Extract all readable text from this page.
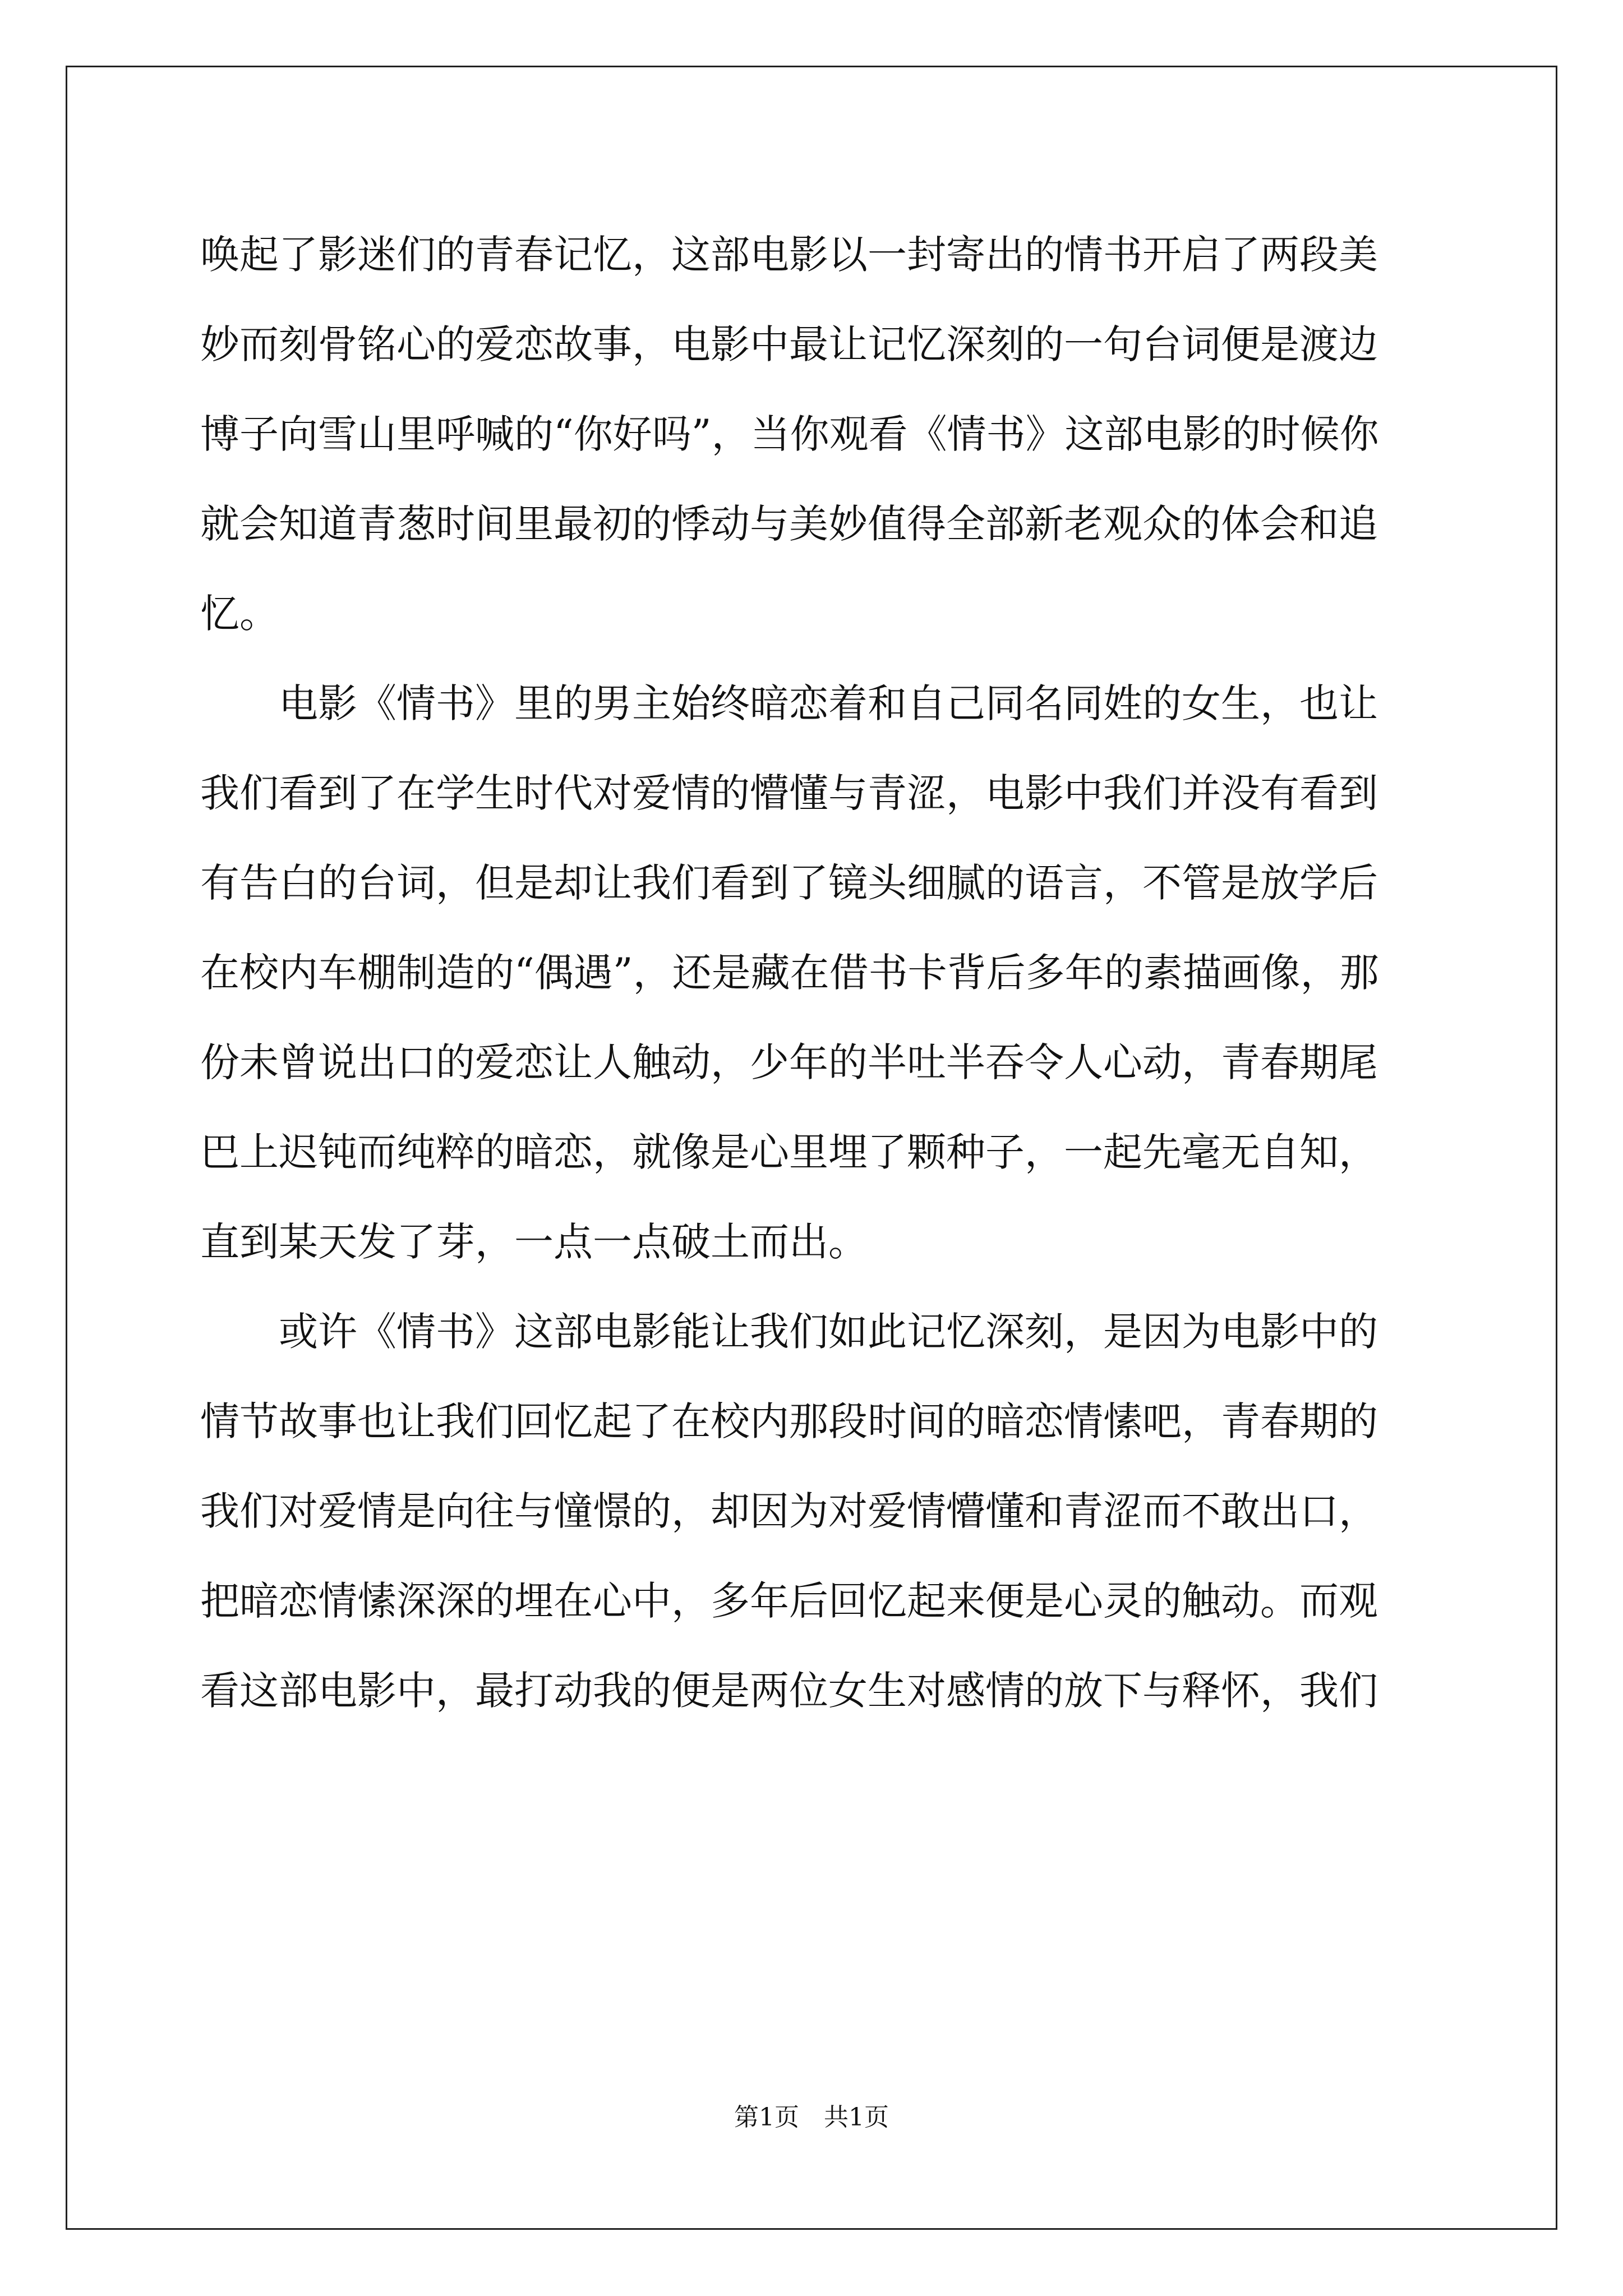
唤起了影迷们的青春记忆，这部电影以一封寄出的情书开启了两段美
妙而刻骨铭心的爱恋故事，电影中最让记忆深刻的一句台词便是渡边
博子向雪山里呼喊的“你好吗”，当你观看《情书》这部电影的时候你
就会知道青葱时间里最初的悸动与美妙值得全部新老观众的体会和追
忆。
电影《情书》里的男主始终暗恋着和自己同名同姓的女生，也让
我们看到了在学生时代对爱情的懵懂与青涩，电影中我们并没有看到
有告白的台词，但是却让我们看到了镜头细腻的语言，不管是放学后
在校内车棚制造的“偶遇”，还是藏在借书卡背后多年的素描画像，那
份未曾说出口的爱恋让人触动，少年的半吐半吞令人心动，青春期尾
巴上迟钝而纯粹的暗恋，就像是心里埋了颗种子，一起先毫无自知，
直到某天发了芽，一点一点破土而出。
或许《情书》这部电影能让我们如此记忆深刻，是因为电影中的
情节故事也让我们回忆起了在校内那段时间的暗恋情愫吧，青春期的
我们对爱情是向往与憧憬的，却因为对爱情懵懂和青涩而不敢出口，
把暗恋情愫深深的埋在心中，多年后回忆起来便是心灵的触动。而观
看这部电影中，最打动我的便是两位女生对感情的放下与释怀，我们
第1页　共1页
